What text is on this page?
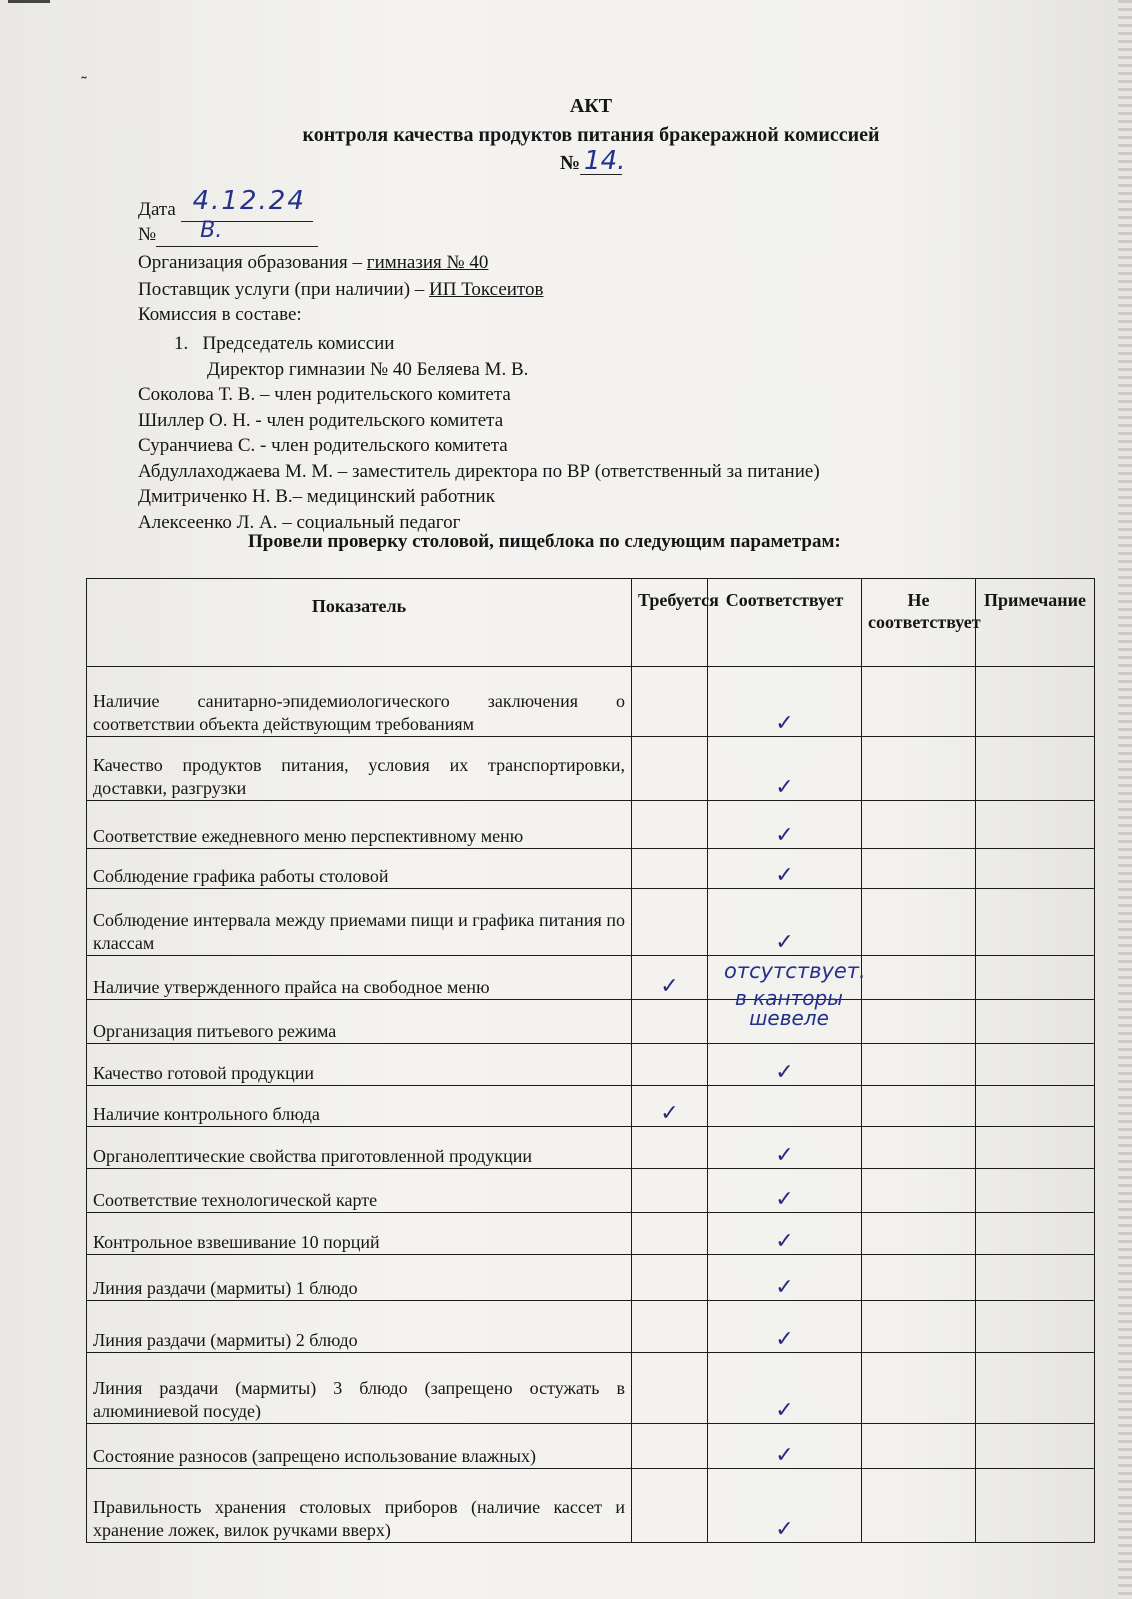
˜
АКТ
контроля качества продуктов питания бракеражной комиссией
№ 14.
Дата 4.12.24
№ В.
Организация образования – гимназия № 40
Поставщик услуги (при наличии) – ИП Токсеитов
Комиссия в составе:
1. Председатель комиссии
Директор гимназии № 40 Беляева М. В.
Соколова Т. В. – член родительского комитета
Шиллер О. Н. - член родительского комитета
Суранчиева С. - член родительского комитета
Абдуллаходжаева М. М. – заместитель директора по ВР (ответственный за питание)
Дмитриченко Н. В.– медицинский работник
Алексеенко Л. А. – социальный педагог
Провели проверку столовой, пищеблока по следующим параметрам:
Показатель	Требуется	Соответствует	Не соответствует	Примечание
Наличие санитарно-эпидемиологического заключения о соответствии объекта действующим требованиям		✓		
Качество продуктов питания, условия их транспортировки, доставки, разгрузки		✓		
Соответствие ежедневного меню перспективному меню		✓		
Соблюдение графика работы столовой		✓		
Соблюдение интервала между приемами пищи и графика питания по классам		✓		
Наличие утвержденного прайса на свободное меню	✓	отсутствует.		

Организация питьевого режима		в канторы шевеле		

Качество готовой продукции		✓		
Наличие контрольного блюда	✓			
Органолептические свойства приготовленной продукции		✓		
Соответствие технологической карте		✓		
Контрольное взвешивание 10 порций		✓		
Линия раздачи (мармиты) 1 блюдо		✓		
Линия раздачи (мармиты) 2 блюдо		✓		
Линия раздачи (мармиты) 3 блюдо (запрещено остужать в алюминиевой посуде)		✓		
Состояние разносов (запрещено использование влажных)		✓		
Правильность хранения столовых приборов (наличие кассет и хранение ложек, вилок ручками вверх)		✓		
